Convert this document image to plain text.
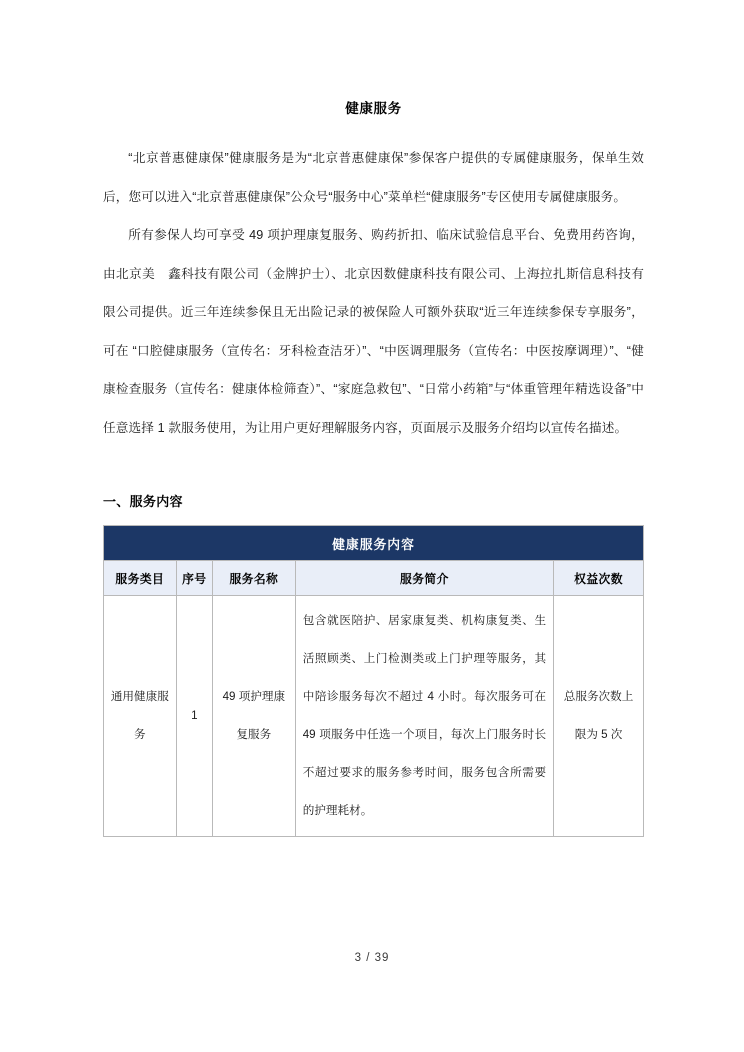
健康服务

“北京普惠健康保”健康服务是为“北京普惠健康保”参保客户提供的专属健康服务，保单生效后，您可以进入“北京普惠健康保”公众号“服务中心”菜单栏“健康服务”专区使用专属健康服务。

所有参保人均可享受 49 项护理康复服务、购药折扣、临床试验信息平台、免费用药咨询，由北京美　鑫科技有限公司（金牌护士）、北京因数健康科技有限公司、上海拉扎斯信息科技有限公司提供。近三年连续参保且无出险记录的被保险人可额外获取“近三年连续参保专享服务”，可在 “口腔健康服务（宣传名：牙科检查洁牙）”、“中医调理服务（宣传名：中医按摩调理）”、“健康检查服务（宣传名：健康体检筛查）”、“家庭急救包”、“日常小药箱”与“体重管理年精选设备”中任意选择 1 款服务使用，为让用户更好理解服务内容，页面展示及服务介绍均以宣传名描述。

一、服务内容
健康服务内容				
服务类目	序号	服务名称	服务简介	权益次数
通用健康服务	1	49 项护理康复服务	包含就医陪护、居家康复类、机构康复类、生活照顾类、上门检测类或上门护理等服务，其中陪诊服务每次不超过 4 小时。每次服务可在 49 项服务中任选一个项目，每次上门服务时长不超过要求的服务参考时间，服务包含所需要的护理耗材。	总服务次数上限为 5 次
3 / 39
